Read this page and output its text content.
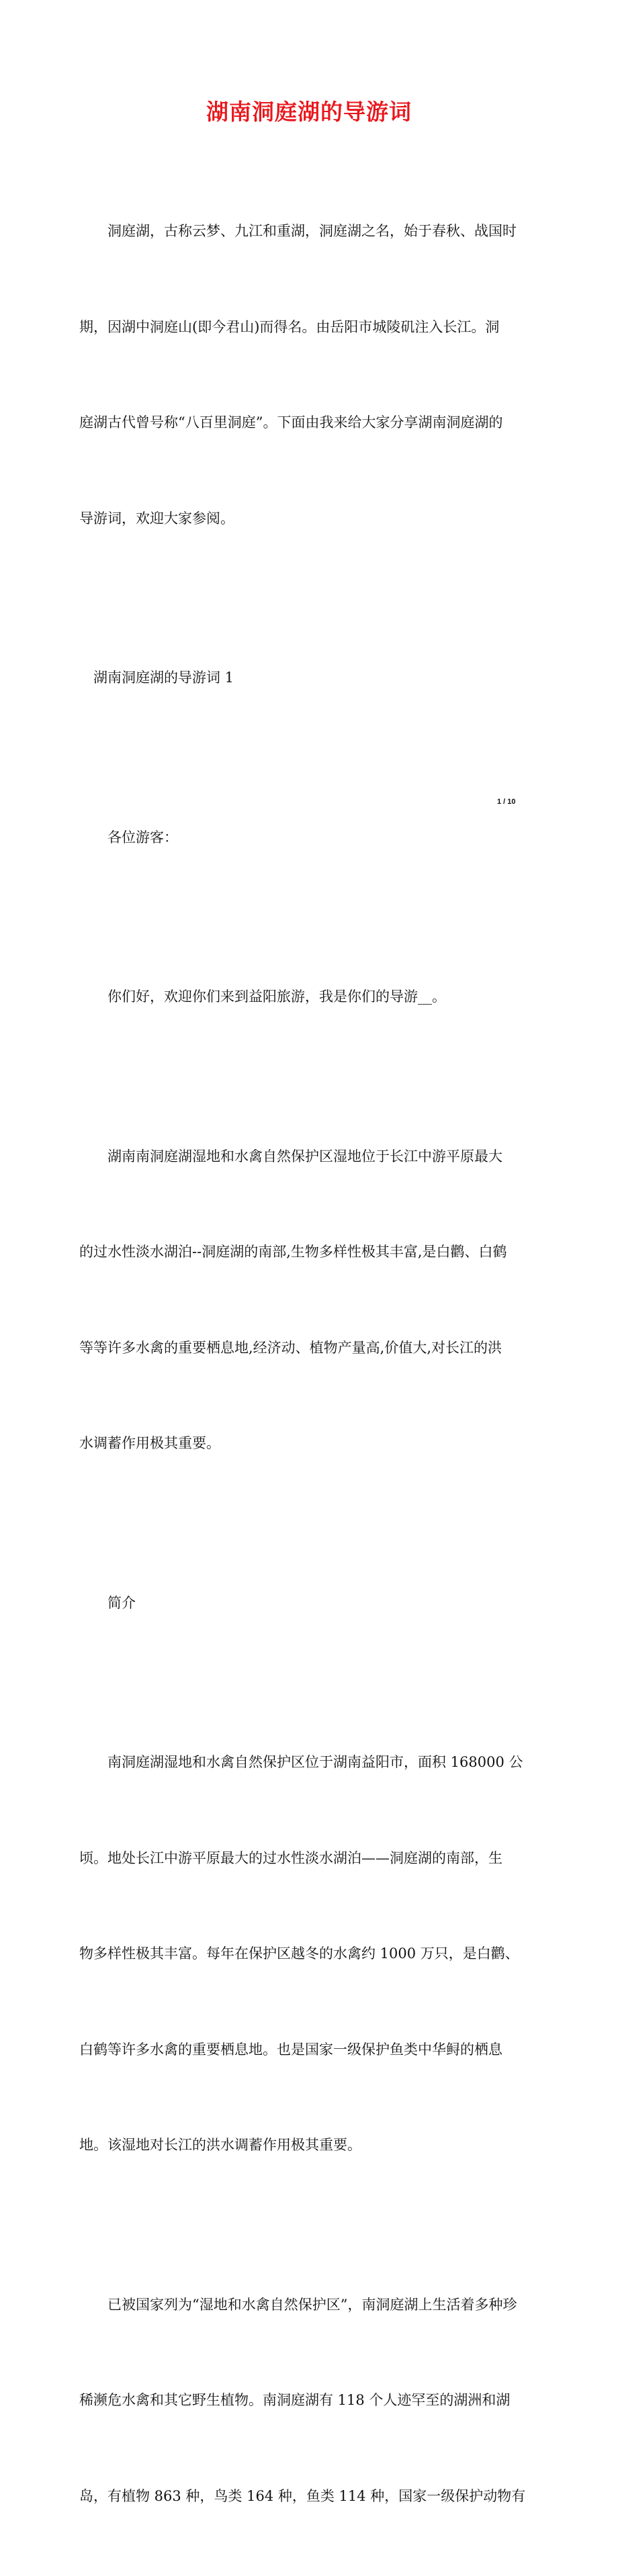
湖南洞庭湖的导游词

洞庭湖，古称云梦、九江和重湖，洞庭湖之名，始于春秋、战国时

期，因湖中洞庭山(即今君山)而得名。由岳阳市城陵矶注入长江。洞

庭湖古代曾号称“八百里洞庭”。下面由我来给大家分享湖南洞庭湖的

导游词，欢迎大家参阅。

湖南洞庭湖的导游词 1

各位游客：

你们好，欢迎你们来到益阳旅游，我是你们的导游__。

湖南南洞庭湖湿地和水禽自然保护区湿地位于长江中游平原最大

的过水性淡水湖泊--洞庭湖的南部,生物多样性极其丰富,是白鹳、白鹤

等等许多水禽的重要栖息地,经济动、植物产量高,价值大,对长江的洪

水调蓄作用极其重要。

简介

南洞庭湖湿地和水禽自然保护区位于湖南益阳市，面积 168000 公

顷。地处长江中游平原最大的过水性淡水湖泊——洞庭湖的南部，生

物多样性极其丰富。每年在保护区越冬的水禽约 1000 万只，是白鹳、

白鹤等许多水禽的重要栖息地。也是国家一级保护鱼类中华鲟的栖息

地。该湿地对长江的洪水调蓄作用极其重要。

已被国家列为“湿地和水禽自然保护区”，南洞庭湖上生活着多种珍

稀濒危水禽和其它野生植物。南洞庭湖有 118 个人迹罕至的湖洲和湖

岛，有植物 863 种，鸟类 164 种，鱼类 114 种，国家一级保护动物有

1 / 10
